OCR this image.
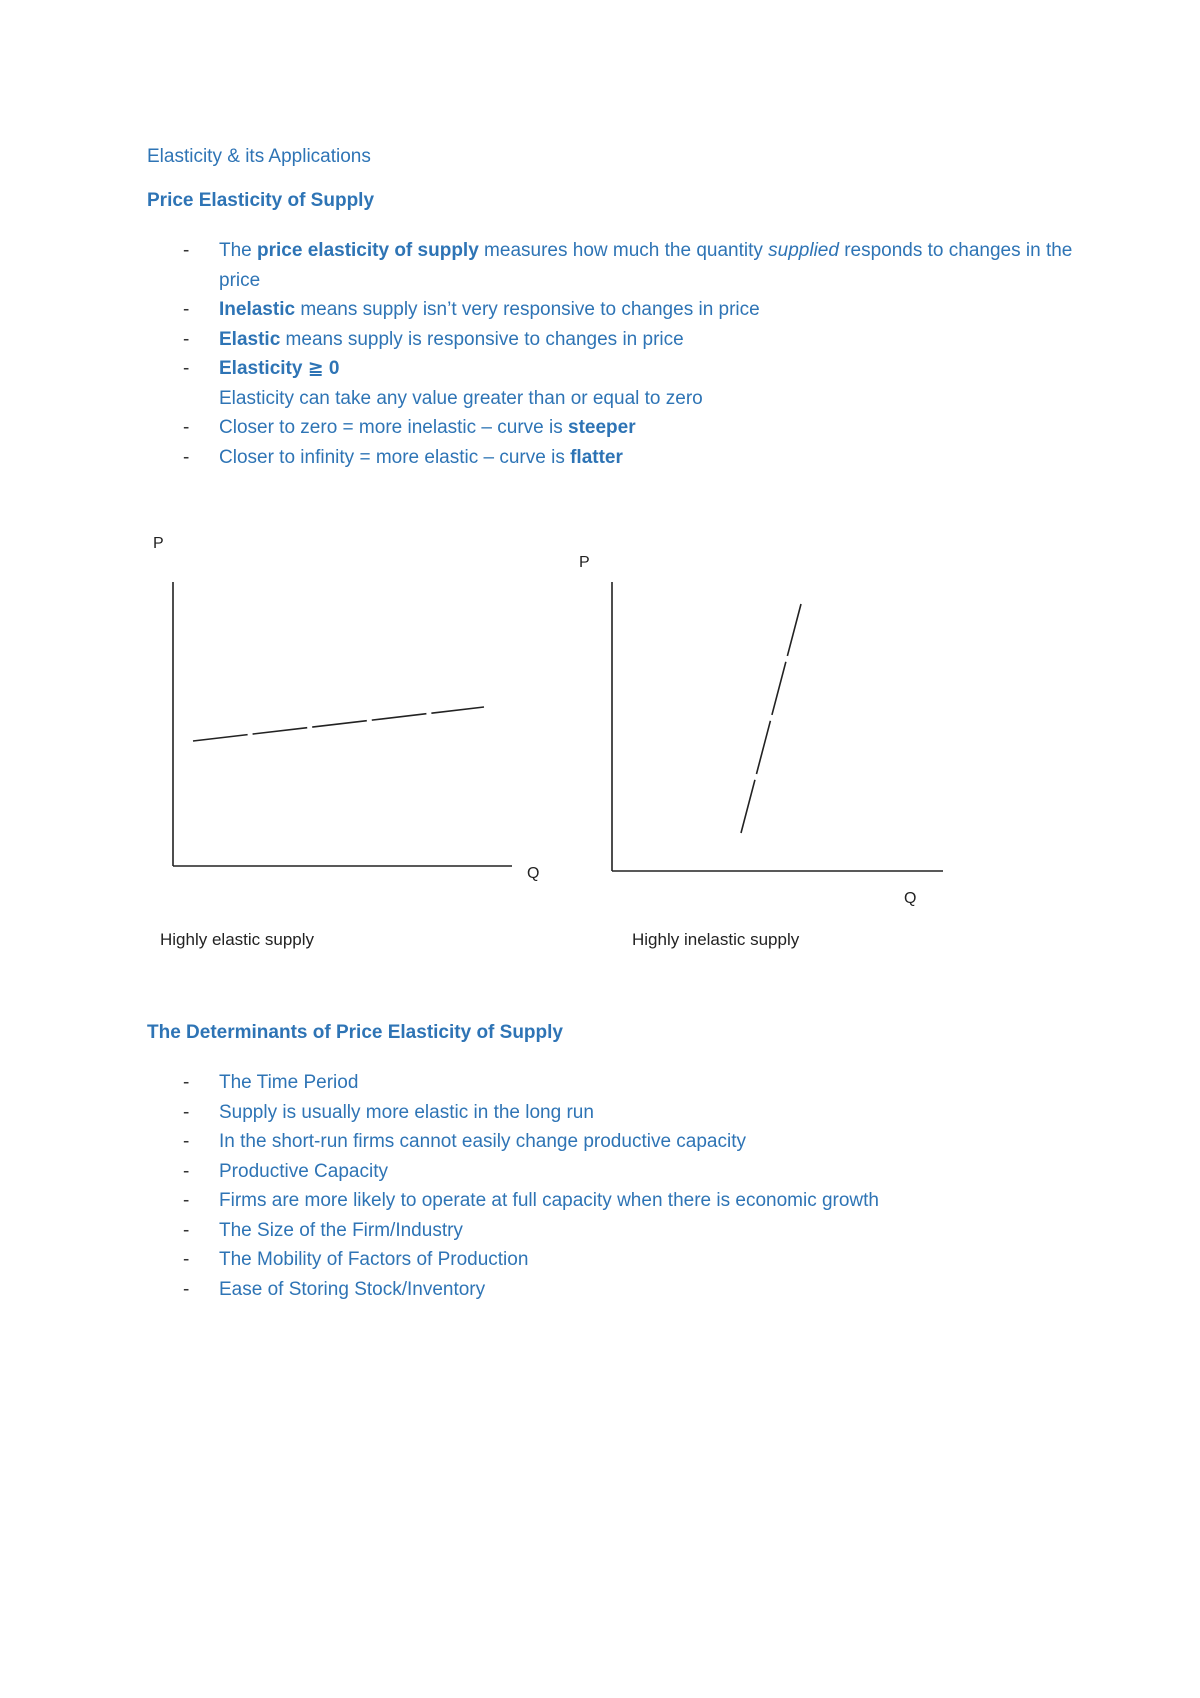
Elasticity & its Applications
Price Elasticity of Supply
- The price elasticity of supply measures how much the quantity supplied responds to changes in the price
- Inelastic means supply isn’t very responsive to changes in price
- Elastic means supply is responsive to changes in price
- Elasticity ≧ 0
Elasticity can take any value greater than or equal to zero
- Closer to zero = more inelastic – curve is steeper
- Closer to infinity = more elastic – curve is flatter
P
Q
Highly elastic supply
P
Q
Highly inelastic supply
The Determinants of Price Elasticity of Supply
- The Time Period
- Supply is usually more elastic in the long run
- In the short-run firms cannot easily change productive capacity
- Productive Capacity
- Firms are more likely to operate at full capacity when there is economic growth
- The Size of the Firm/Industry
- The Mobility of Factors of Production
- Ease of Storing Stock/Inventory
